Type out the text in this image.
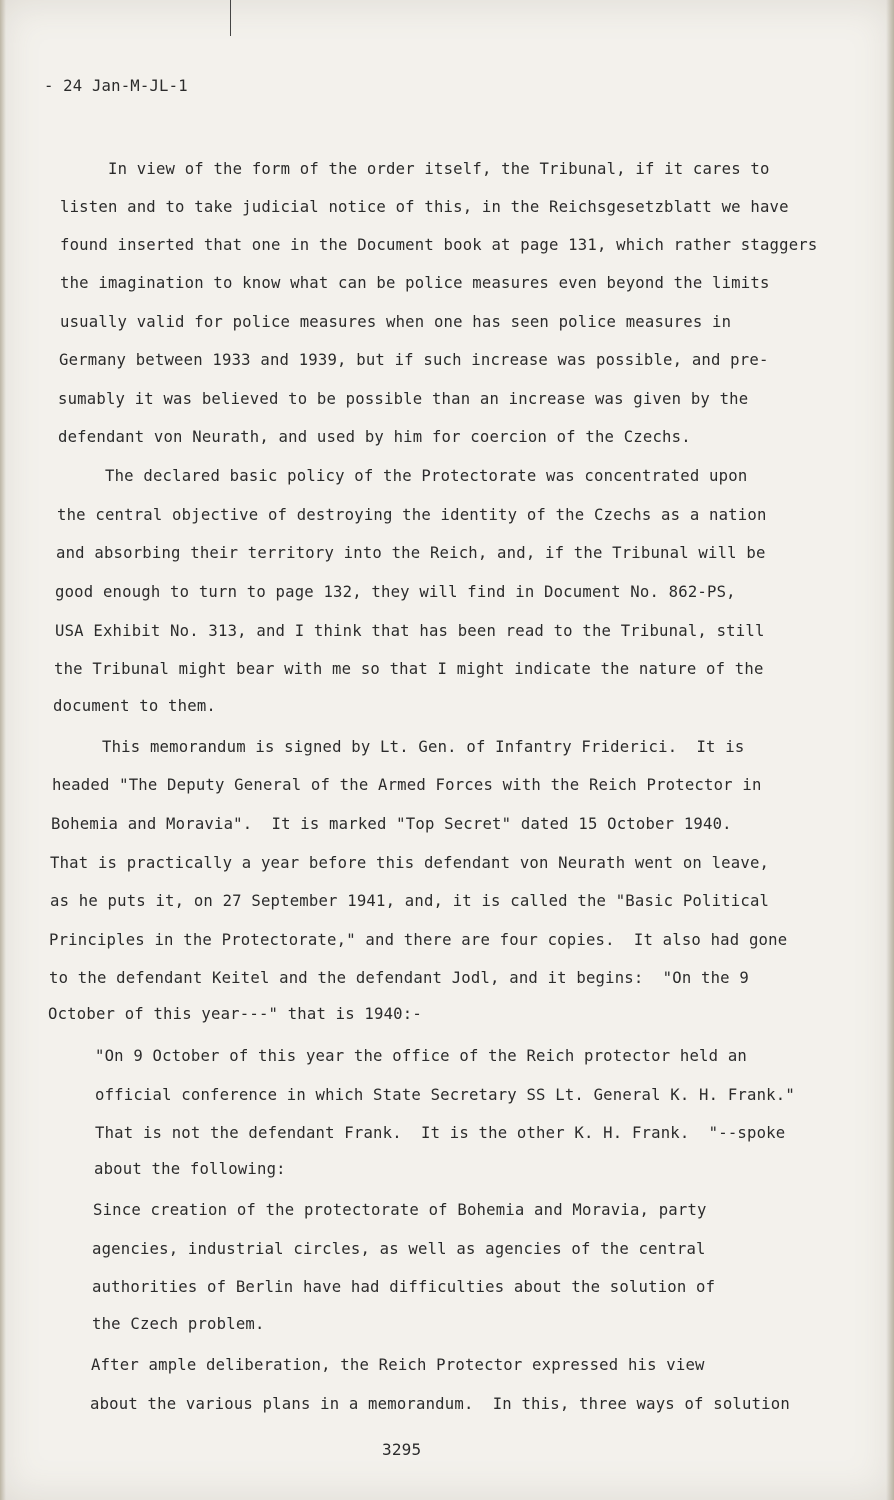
- 24 Jan-M-JL-1
In view of the form of the order itself, the Tribunal, if it cares to
listen and to take judicial notice of this, in the Reichsgesetzblatt we have
found inserted that one in the Document book at page 131, which rather staggers
the imagination to know what can be police measures even beyond the limits
usually valid for police measures when one has seen police measures in
Germany between 1933 and 1939, but if such increase was possible, and pre-
sumably it was believed to be possible than an increase was given by the
defendant von Neurath, and used by him for coercion of the Czechs.
The declared basic policy of the Protectorate was concentrated upon
the central objective of destroying the identity of the Czechs as a nation
and absorbing their territory into the Reich, and, if the Tribunal will be
good enough to turn to page 132, they will find in Document No. 862-PS,
USA Exhibit No. 313, and I think that has been read to the Tribunal, still
the Tribunal might bear with me so that I might indicate the nature of the
document to them.
This memorandum is signed by Lt. Gen. of Infantry Friderici.  It is
headed "The Deputy General of the Armed Forces with the Reich Protector in
Bohemia and Moravia".  It is marked "Top Secret" dated 15 October 1940.
That is practically a year before this defendant von Neurath went on leave,
as he puts it, on 27 September 1941, and, it is called the "Basic Political
Principles in the Protectorate," and there are four copies.  It also had gone
to the defendant Keitel and the defendant Jodl, and it begins:  "On the 9
October of this year---" that is 1940:-
"On 9 October of this year the office of the Reich protector held an
official conference in which State Secretary SS Lt. General K. H. Frank."
That is not the defendant Frank.  It is the other K. H. Frank.  "--spoke
about the following:
Since creation of the protectorate of Bohemia and Moravia, party
agencies, industrial circles, as well as agencies of the central
authorities of Berlin have had difficulties about the solution of
the Czech problem.
After ample deliberation, the Reich Protector expressed his view
about the various plans in a memorandum.  In this, three ways of solution
3295
